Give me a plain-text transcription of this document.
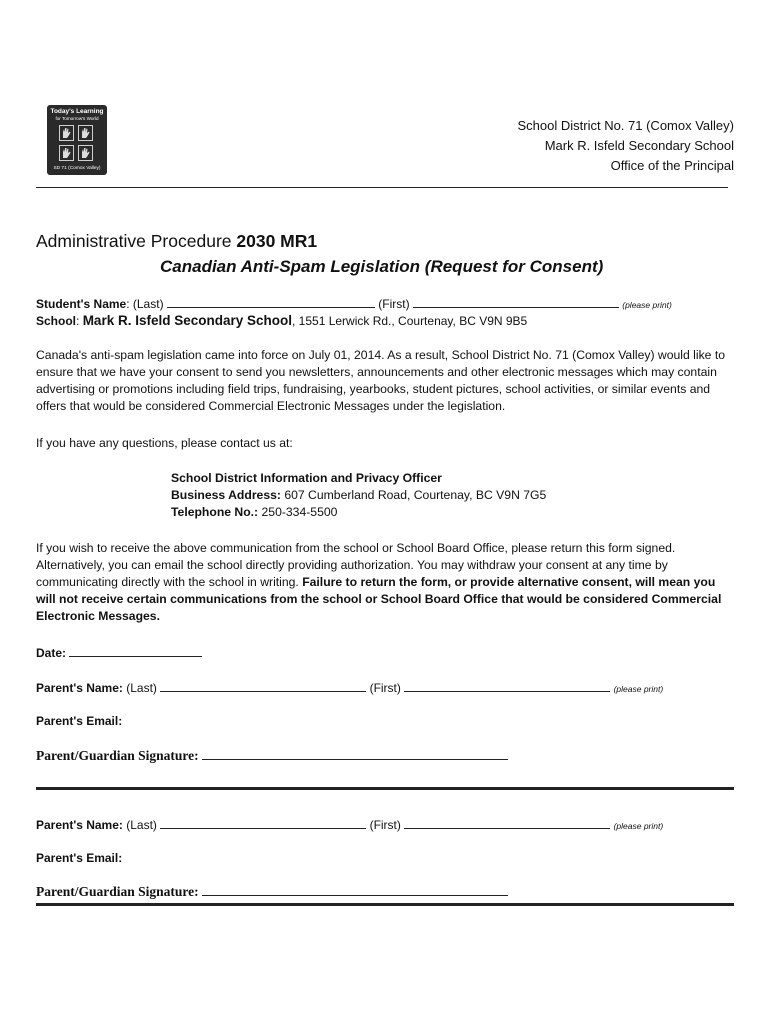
Today's Learning
for Tomorrow's World
SD 71 (Comox Valley)
School District No. 71 (Comox Valley)
Mark R. Isfeld Secondary School
Office of the Principal
Administrative Procedure 2030 MR1
Canadian Anti-Spam Legislation (Request for Consent)
Student's Name: (Last)	(First)	(please print)
School: Mark R. Isfeld Secondary School, 1551 Lerwick Rd., Courtenay, BC V9N 9B5
Canada's anti-spam legislation came into force on July 01, 2014. As a result, School District No. 71 (Comox Valley) would like to ensure that we have your consent to send you newsletters, announcements and other electronic messages which may contain advertising or promotions including field trips, fundraising, yearbooks, student pictures, school activities, or similar events and offers that would be considered Commercial Electronic Messages under the legislation.
If you have any questions, please contact us at:
School District Information and Privacy Officer
Business Address: 607 Cumberland Road, Courtenay, BC V9N 7G5
Telephone No.: 250-334-5500
If you wish to receive the above communication from the school or School Board Office, please return this form signed. Alternatively, you can email the school directly providing authorization. You may withdraw your consent at any time by communicating directly with the school in writing. Failure to return the form, or provide alternative consent, will mean you will not receive certain communications from the school or School Board Office that would be considered Commercial Electronic Messages.
Date:
Parent's Name: (Last)	(First)	(please print)
Parent's Email:
Parent/Guardian Signature:
Parent's Name: (Last)	(First)	(please print)
Parent's Email:
Parent/Guardian Signature:
